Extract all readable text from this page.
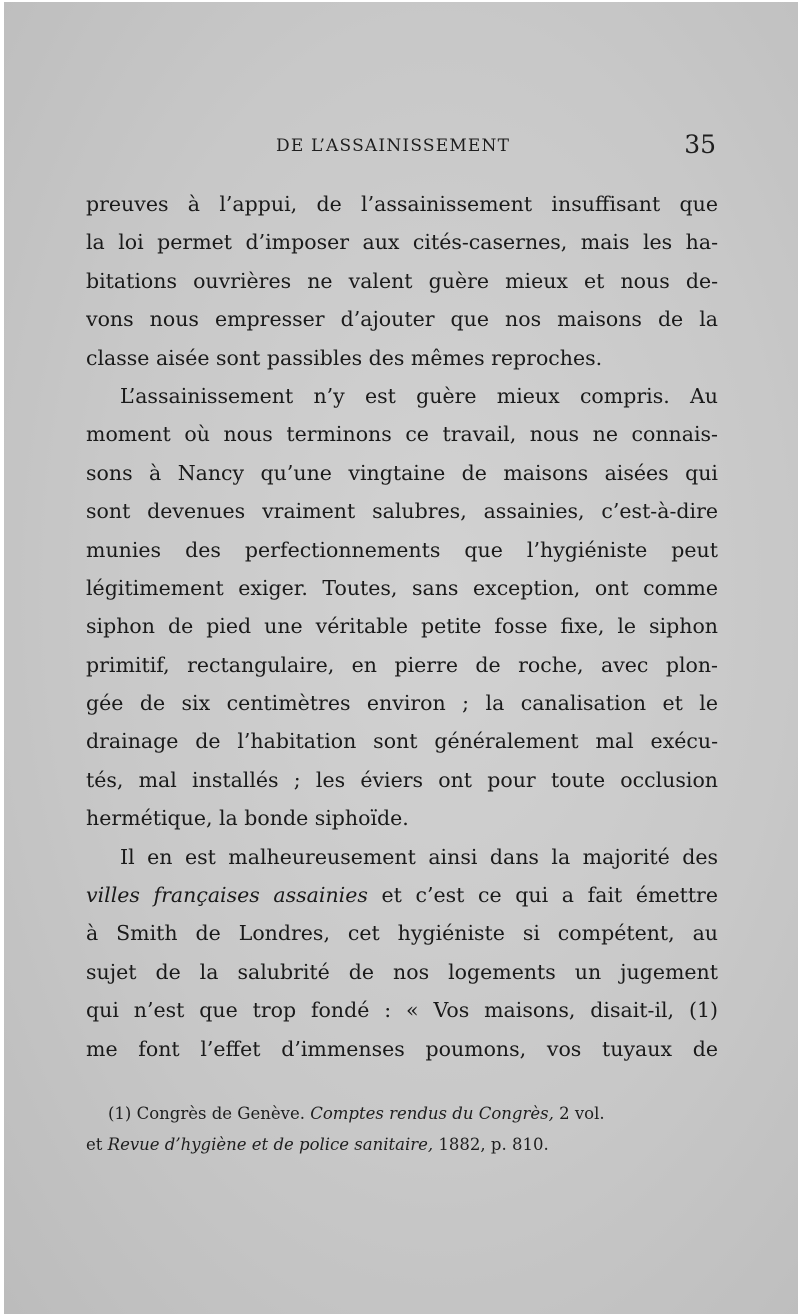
DE L’ASSAINISSEMENT	35
preuves à l’appui, de l’assainissement insuffisant que
la loi permet d’imposer aux cités-casernes, mais les ha-
bitations ouvrières ne valent guère mieux et nous de-
vons nous empresser d’ajouter que nos maisons de la
classe aisée sont passibles des mêmes reproches.
L’assainissement n’y est guère mieux compris. Au
moment où nous terminons ce travail, nous ne connais-
sons à Nancy qu’une vingtaine de maisons aisées qui
sont devenues vraiment salubres, assainies, c’est-à-dire
munies des perfectionnements que l’hygiéniste peut
légitimement exiger. Toutes, sans exception, ont comme
siphon de pied une véritable petite fosse fixe, le siphon
primitif, rectangulaire, en pierre de roche, avec plon-
gée de six centimètres environ ; la canalisation et le
drainage de l’habitation sont généralement mal exécu-
tés, mal installés ; les éviers ont pour toute occlusion
hermétique, la bonde siphoïde.
Il en est malheureusement ainsi dans la majorité des
villes françaises assainies et c’est ce qui a fait émettre
à Smith de Londres, cet hygiéniste si compétent, au
sujet de la salubrité de nos logements un jugement
qui n’est que trop fondé : « Vos maisons, disait-il, (1)
me font l’effet d’immenses poumons, vos tuyaux de
(1) Congrès de Genève. Comptes rendus du Congrès, 2 vol.
et Revue d’hygiène et de police sanitaire, 1882, p. 810.
